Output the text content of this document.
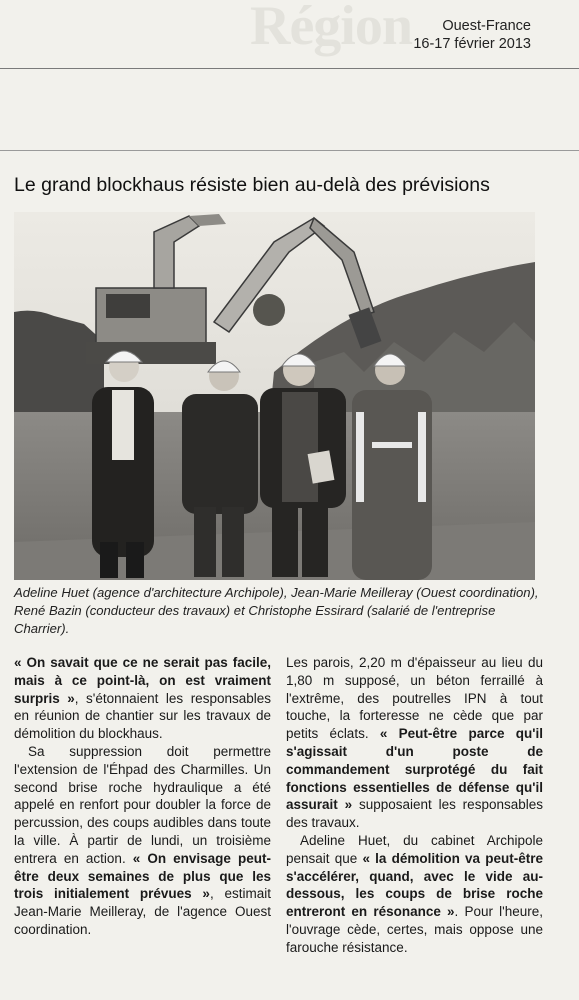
Région	Ouest-France
16-17 février 2013
Le grand blockhaus résiste bien au-delà des prévisions
Adeline Huet (agence d'architecture Archipole), Jean-Marie Meilleray (Ouest coordination), René Bazin (conducteur des travaux) et Christophe Essirard (salarié de l'entreprise Charrier).

« On savait que ce ne serait pas facile, mais à ce point-là, on est vraiment surpris », s'étonnaient les responsables en réunion de chantier sur les travaux de démolition du blockhaus.

Sa suppression doit permettre l'extension de l'Éhpad des Charmilles. Un second brise roche hydraulique a été appelé en renfort pour doubler la force de percussion, des coups audibles dans toute la ville. À partir de lundi, un troisième entrera en action. « On envisage peut-être deux semaines de plus que les trois initialement prévues », estimait Jean-Marie Meilleray, de l'agence Ouest coordination.

Les parois, 2,20 m d'épaisseur au lieu du 1,80 m supposé, un béton ferraillé à l'extrême, des poutrelles IPN à tout touche, la forteresse ne cède que par petits éclats. « Peut-être parce qu'il s'agissait d'un poste de commandement surprotégé du fait fonctions essentielles de défense qu'il assurait » supposaient les responsables des travaux.

Adeline Huet, du cabinet Archipole pensait que « la démolition va peut-être s'accélérer, quand, avec le vide au-dessous, les coups de brise roche entreront en résonance ». Pour l'heure, l'ouvrage cède, certes, mais oppose une farouche résistance.
